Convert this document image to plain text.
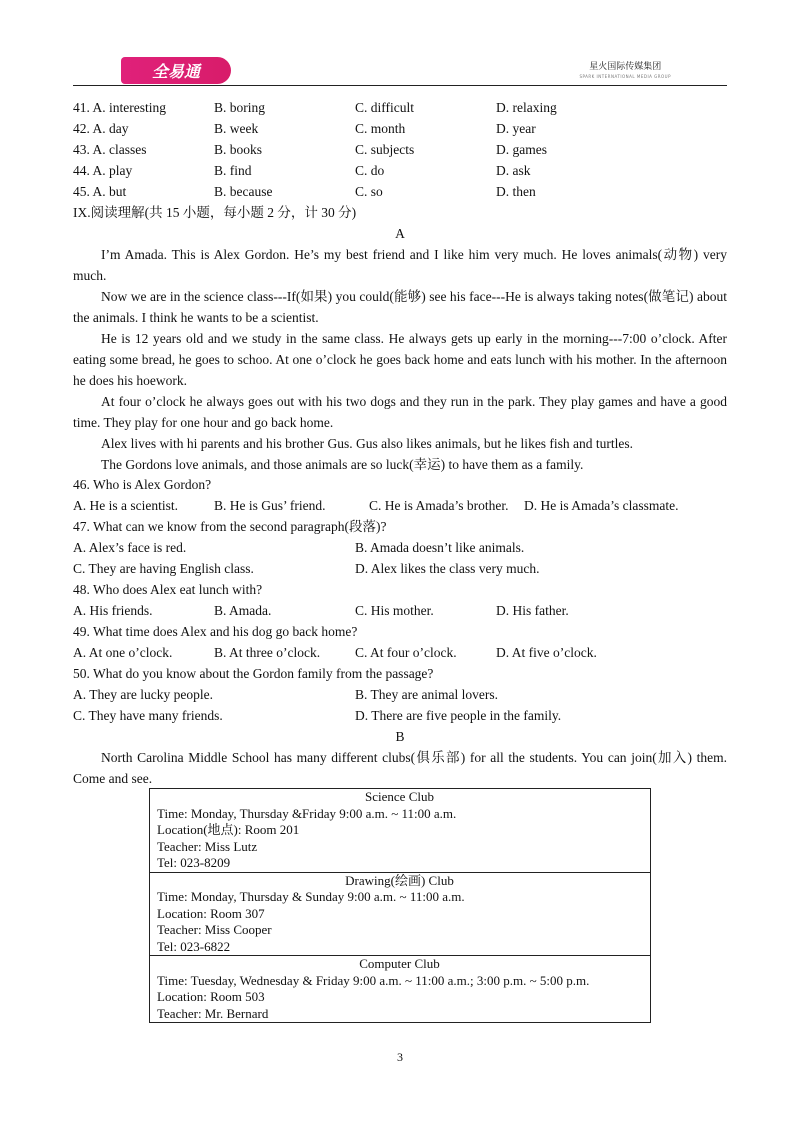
全易通	星火国际传媒集团
SPARK INTERNATIONAL MEDIA GROUP
41. A. interesting	B. boring	C. difficult	D. relaxing
42. A. day	B. week	C. month	D. year
43. A. classes	B. books	C. subjects	D. games
44. A. play	B. find	C. do	D. ask
45. A. but	B. because	C. so	D. then
IX.阅读理解(共 15 小题，每小题 2 分，计 30 分)
A
I’m Amada. This is Alex Gordon. He’s my best friend and I like him very much. He loves animals(动物) very much.
Now we are in the science class---If(如果) you could(能够) see his face---He is always taking notes(做笔记) about the animals. I think he wants to be a scientist.
He is 12 years old and we study in the same class. He always gets up early in the morning---7:00 o’clock. After eating some bread, he goes to schoo. At one o’clock he goes back home and eats lunch with his mother. In the afternoon he does his hoework.
At four o’clock he always goes out with his two dogs and they run in the park. They play games and have a good time. They play for one hour and go back home.
Alex lives with hi parents and his brother Gus. Gus also likes animals, but he likes fish and turtles.
The Gordons love animals, and those animals are so luck(幸运) to have them as a family.
46. Who is Alex Gordon?
A. He is a scientist.	B. He is Gus’ friend.	C. He is Amada’s brother. D. He is Amada’s classmate.
47. What can we know from the second paragraph(段落)?
A. Alex’s face is red.	B. Amada doesn’t like animals.
C. They are having English class.	D. Alex likes the class very much.
48. Who does Alex eat lunch with?
A. His friends.	B. Amada.	C. His mother.	D. His father.
49. What time does Alex and his dog go back home?
A. At one o’clock.	B. At three o’clock.	C. At four o’clock.	D. At five o’clock.
50. What do you know about the Gordon family from the passage?
A. They are lucky people.	B. They are animal lovers.
C. They have many friends.	D. There are five people in the family.
B
North Carolina Middle School has many different clubs(俱乐部) for all the students. You can join(加入) them. Come and see.
Science Club
Time: Monday, Thursday &Friday 9:00 a.m. ~ 11:00 a.m.
Location(地点): Room 201
Teacher: Miss Lutz
Tel: 023-8209

Drawing(绘画) Club
Time: Monday, Thursday & Sunday 9:00 a.m. ~ 11:00 a.m.
Location: Room 307
Teacher: Miss Cooper
Tel: 023-6822

Computer Club
Time: Tuesday, Wednesday & Friday 9:00 a.m. ~ 11:00 a.m.; 3:00 p.m. ~ 5:00 p.m.
Location: Room 503
Teacher: Mr. Bernard
3
